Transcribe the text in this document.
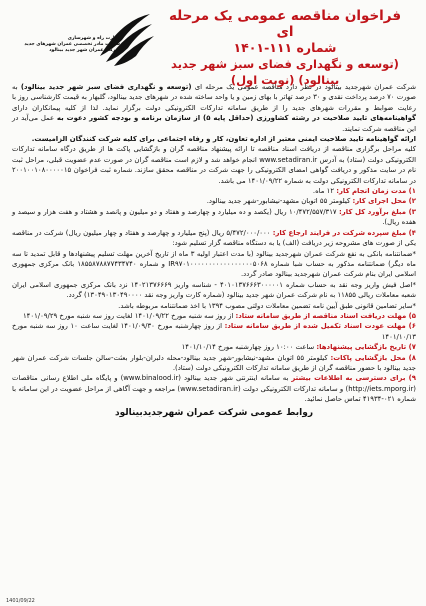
فراخوان مناقصه عمومی یک مرحله ای
شماره ۱۱۱-۱۴۰۱
(توسعه و نگهداری فضای سبز شهر جدید بینالود) (نوبت اول)
وزارت راه و شهرسازی
شرکت مادر تخصصی عمران شهرهای جدید
شرکت عمران شهر جدید بینالود

شرکت عمران شهرجدید بینالود در نظر دارد مناقصه عمومی یک مرحله ای (توسعه و نگهداری فضای سبز شهر جدید بینالود) به صورت ۷۰ درصد پرداخت نقدی و ۳۰ درصد تهاتر با بهای زمین و یا واحد ساخته شده در شهرهای جدید بینالود، گلبهار به قیمت کارشناسی روز با رعایت ضوابط و مقررات شهرهای جدید را از طریق سامانه تدارکات الکترونیکی دولت برگزار نماید. لذا از کلیه پیمانکاران دارای گواهینامه‌های تایید صلاحیت در رشته کشاورزی (حداقل پایه ۵) از سازمان برنامه و بودجه کشور دعوت به عمل می‌آید در این مناقصه شرکت نمایند.

ارائه گواهینامه تایید صلاحیت ایمنی معتبر از اداره تعاون، کار و رفاه اجتماعی برای کلیه شرکت کنندگان الزامیست.

کلیه مراحل برگزاری مناقصه از دریافت اسناد مناقصه تا ارائه پیشنهاد مناقصه گران و بازگشایی پاکت ها از طریق درگاه سامانه تدارکات الکترونیکی دولت (ستاد) به آدرس www.setadiran.ir انجام خواهد شد و لازم است مناقصه گران در صورت عدم عضویت قبلی، مراحل ثبت نام در سایت مذکور و دریافت گواهی امضای الکترونیکی را جهت شرکت در مناقصه محقق سازند. شماره ثبت فراخوان ۲۰۰۱۰۰۱۰۸۰۰۰۰۰۱۵ در سامانه تدارکات الکترونیکی دولت به شماره ۱۴۰۱/۰۹/۲۲ می باشد.

۱) مدت زمان انجام کار: ۱۲ ماه.

۲) محل اجرای کار: کیلومتر ۵۵ اتوبان مشهد-نیشابور-شهر جدید بینالود.

۳) مبلغ برآورد کل کار: ۱۰/۴۷۲/۵۵۷/۳۱۷ ریال (یکصد و ده میلیارد و چهارصد و هفتاد و دو میلیون و پانصد و هشتاد و هفت هزار و سیصد و هفده ریال).

۴) مبلغ سپرده شرکت در فرایند ارجاع کار: ۵/۴۷۲/۰۰۰/۰۰۰ ریال (پنج میلیارد و چهارصد و هفتاد و چهار میلیون ریال) شرکت در مناقصه یکی از صورت های مشروحه زیر دریافت (الف) یا به دستگاه مناقصه گزار تسلیم شود:

*ضمانتنامه بانکی به نفع شرکت عمران شهرجدید بینالود (با مدت اعتبار اولیه ۳ ماه از تاریخ آخرین مهلت تسلیم پیشنهادها و قابل تمدید تا سه ماه دیگر) ضمانتنامه مذکور به حساب شبا شماره IR۹۷۰۱۰۰۰۰۰۰۰۰۰۰۰۰۰۰۰۰۰۵۰۶۸ و شماره ۱۸۵۵۸۷۸۸۷۷۴۳۴۷۴۰ بانک مرکزی جمهوری اسلامی ایران بنام شرکت عمران شهرجدید بینالود صادر گردد.

*اصل فیش واریز وجه نقد به حساب شماره ۴۰۱۰۱۳۷۶۶۶۳۰۰۰۰۰۱ - شناسه واریز ۱۴۰۲۱۳۷۶۶۶۹ نزد بانک مرکزی جمهوری اسلامی ایران شعبه معاملات ریالی ۱۱۸۵۵ به نام شرکت عمران شهر جدید بینالود (شماره کارت واریز وجه نقد ۱۳۰۴۹۰۱۳۰۴۹۰۰۰۰) گردد.

*سایر تضامین قانونی طبق آیین نامه تضمین معاملات دولتی مصوب ۱۳۹۴ با اخذ ضمانتنامه مربوطه باشد.

۵) مهلت دریافت اسناد مناقصه از طریق سامانه ستاد: از روز سه شنبه مورخ ۱۴۰۱/۰۹/۲۲ لغایت روز سه شنبه مورخ ۱۴۰۱/۰۹/۲۹

۶) مهلت عودت اسناد تکمیل شده از طریق سامانه ستاد: از روز چهارشنبه مورخ ۱۴۰۱/۰۹/۳۰ لغایت ساعت ۱۰ روز سه شنبه مورخ ۱۴۰۱/۱۰/۱۳

۷) تاریخ بازگشایی پیشنهادها: ساعت ۱۰:۰۰ روز چهارشنبه مورخ ۱۴۰۱/۱۰/۱۴

۸) محل بازگشایی پاکات: کیلومتر ۵۵ اتوبان مشهد-نیشابور-شهر جدید بینالود-محله دلبران-بلوار بعثت-سالن جلسات شرکت عمران شهر جدید بینالود با حضور مناقصه گران از طریق سامانه تدارکات الکترونیکی دولت (ستاد).

۹) برای دسترسی به اطلاعات بیشتر به سامانه اینترنتی شهر جدید بینالود (www.binalood.ir) و پایگاه ملی اطلاع رسانی مناقصات (http://iets.mporg.ir) و سامانه تدارکات الکترونیکی دولت (www.setadiran.ir) مراجعه و جهت آگاهی از مراحل عضویت در این سامانه با شماره ۰۲۱-۴۱۹۳۴ تماس حاصل نمائید.

روابط عمومی شرکت عمران شهرجدیدبینالود
1401/09/22
